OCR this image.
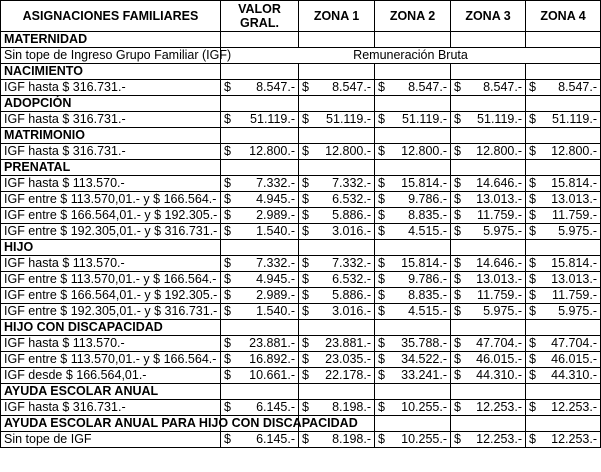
ASIGNACIONES FAMILIARES	VALOR GRAL.	ZONA 1	ZONA 2	ZONA 3	ZONA 4
MATERNIDAD					
Sin tope de Ingreso Grupo Familiar (IGF)	Remuneración Bruta				
NACIMIENTO					
IGF hasta $ 316.731.-	$ 8.547.-	$ 8.547.-	$ 8.547.-	$ 8.547.-	$ 8.547.-

ADOPCIÓN					
IGF hasta $ 316.731.-	$ 51.119.-	$ 51.119.-	$ 51.119.-	$ 51.119.-	$ 51.119.-

MATRIMONIO					
IGF hasta $ 316.731.-	$ 12.800.-	$ 12.800.-	$ 12.800.-	$ 12.800.-	$ 12.800.-

PRENATAL					
IGF hasta $ 113.570.-	$ 7.332.-	$ 7.332.-	$ 15.814.-	$ 14.646.-	$ 15.814.-

IGF entre $ 113.570,01.- y $ 166.564.-	$ 4.945.-	$ 6.532.-	$ 9.786.-	$ 13.013.-	$ 13.013.-

IGF entre $ 166.564,01.- y $ 192.305.-	$ 2.989.-	$ 5.886.-	$ 8.835.-	$ 11.759.-	$ 11.759.-

IGF entre $ 192.305,01.- y $ 316.731.-	$ 1.540.-	$ 3.016.-	$ 4.515.-	$ 5.975.-	$ 5.975.-

HIJO					
IGF hasta $ 113.570.-	$ 7.332.-	$ 7.332.-	$ 15.814.-	$ 14.646.-	$ 15.814.-

IGF entre $ 113.570,01.- y $ 166.564.-	$ 4.945.-	$ 6.532.-	$ 9.786.-	$ 13.013.-	$ 13.013.-

IGF entre $ 166.564,01.- y $ 192.305.-	$ 2.989.-	$ 5.886.-	$ 8.835.-	$ 11.759.-	$ 11.759.-

IGF entre $ 192.305,01.- y $ 316.731.-	$ 1.540.-	$ 3.016.-	$ 4.515.-	$ 5.975.-	$ 5.975.-

HIJO CON DISCAPACIDAD					
IGF hasta $ 113.570.-	$ 23.881.-	$ 23.881.-	$ 35.788.-	$ 47.704.-	$ 47.704.-

IGF entre $ 113.570,01.- y $ 166.564.-	$ 16.892.-	$ 23.035.-	$ 34.522.-	$ 46.015.-	$ 46.015.-

IGF desde $ 166.564,01.-	$ 10.661.-	$ 22.178.-	$ 33.241.-	$ 44.310.-	$ 44.310.-

AYUDA ESCOLAR ANUAL					
IGF hasta $ 316.731.-	$ 6.145.-	$ 8.198.-	$ 10.255.-	$ 12.253.-	$ 12.253.-

AYUDA ESCOLAR ANUAL PARA HIJO CON DISCAPACIDAD					
Sin tope de IGF	$ 6.145.-	$ 8.198.-	$ 10.255.-	$ 12.253.-	$ 12.253.-
